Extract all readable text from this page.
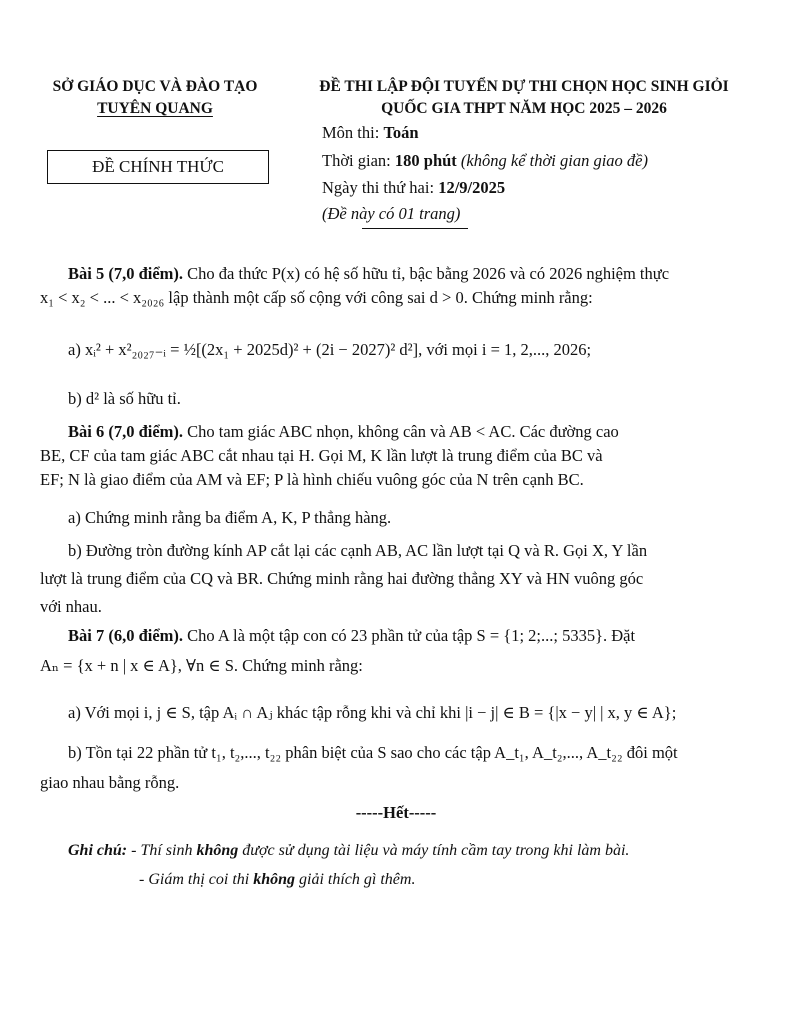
SỞ GIÁO DỤC VÀ ĐÀO TẠO
TUYÊN QUANG
ĐỀ CHÍNH THỨC
ĐỀ THI LẬP ĐỘI TUYỂN DỰ THI CHỌN HỌC SINH GIỎI
QUỐC GIA THPT NĂM HỌC 2025 – 2026
Môn thi: Toán
Thời gian: 180 phút (không kể thời gian giao đề)
Ngày thi thứ hai: 12/9/2025
(Đề này có 01 trang)
Bài 5 (7,0 điểm). Cho đa thức P(x) có hệ số hữu tỉ, bậc bằng 2026 và có 2026 nghiệm thực
x₁ < x₂ < ... < x₂₀₂₆ lập thành một cấp số cộng với công sai d > 0. Chứng minh rằng:
a) xᵢ² + x²₂₀₂₇₋ᵢ = ½[(2x₁ + 2025d)² + (2i − 2027)² d²], với mọi i = 1, 2,..., 2026;
b) d² là số hữu tỉ.
Bài 6 (7,0 điểm). Cho tam giác ABC nhọn, không cân và AB < AC. Các đường cao
BE, CF của tam giác ABC cắt nhau tại H. Gọi M, K lần lượt là trung điểm của BC và
EF; N là giao điểm của AM và EF; P là hình chiếu vuông góc của N trên cạnh BC.
a) Chứng minh rằng ba điểm A, K, P thẳng hàng.
b) Đường tròn đường kính AP cắt lại các cạnh AB, AC lần lượt tại Q và R. Gọi X, Y lần
lượt là trung điểm của CQ và BR. Chứng minh rằng hai đường thẳng XY và HN vuông góc
với nhau.
Bài 7 (6,0 điểm). Cho A là một tập con có 23 phần tử của tập S = {1; 2;...; 5335}. Đặt
Aₙ = {x + n | x ∈ A}, ∀n ∈ S. Chứng minh rằng:
a) Với mọi i, j ∈ S, tập Aᵢ ∩ Aⱼ khác tập rỗng khi và chỉ khi |i − j| ∈ B = {|x − y| | x, y ∈ A};
b) Tồn tại 22 phần tử t₁, t₂,..., t₂₂ phân biệt của S sao cho các tập A_t₁, A_t₂,..., A_t₂₂ đôi một
giao nhau bằng rỗng.
-----Hết-----
Ghi chú: - Thí sinh không được sử dụng tài liệu và máy tính cầm tay trong khi làm bài.
- Giám thị coi thi không giải thích gì thêm.
